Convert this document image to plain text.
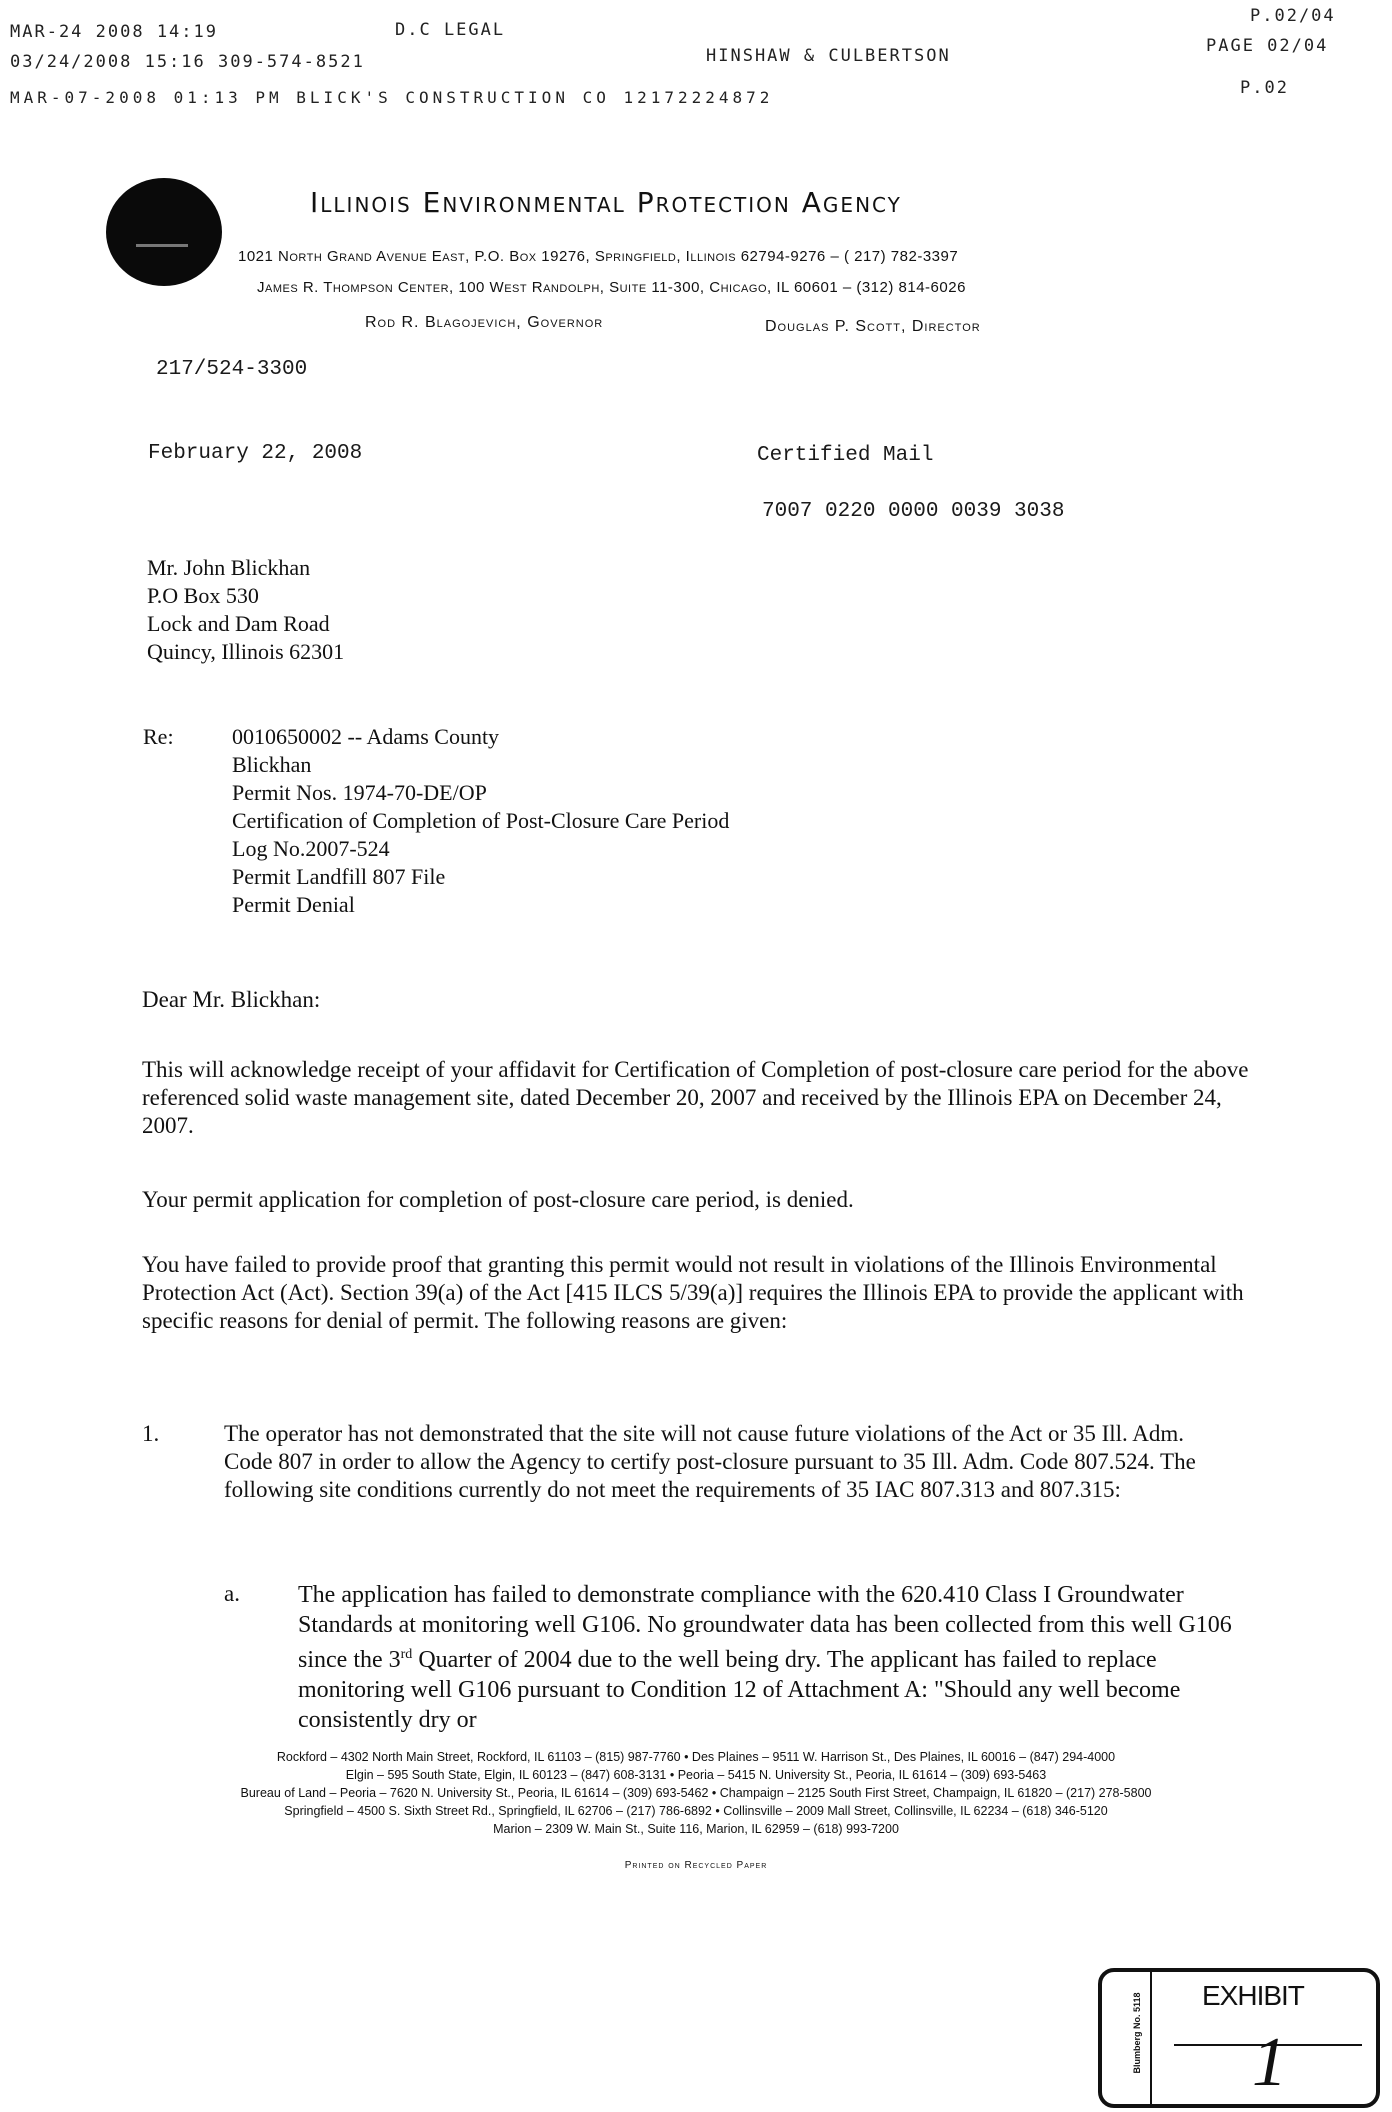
MAR-24 2008 14:19	D.C LEGAL
P.02/04
03/24/2008 15:16 309-574-8521	HINSHAW & CULBERTSON	PAGE 02/04
MAR-07-2008 01:13 PM BLICK'S CONSTRUCTION CO 12172224872	P.02
Illinois Environmental Protection Agency
1021 North Grand Avenue East, P.O. Box 19276, Springfield, Illinois 62794-9276 – ( 217) 782-3397
James R. Thompson Center, 100 West Randolph, Suite 11-300, Chicago, IL 60601 – (312) 814-6026
Rod R. Blagojevich, Governor	Douglas P. Scott, Director
217/524-3300
February 22, 2008	Certified Mail
7007 0220 0000 0039 3038
Mr. John Blickhan
P.O Box 530
Lock and Dam Road
Quincy, Illinois 62301
Re:	0010650002 -- Adams County
Blickhan
Permit Nos. 1974-70-DE/OP
Certification of Completion of Post-Closure Care Period
Log No.2007-524
Permit Landfill 807 File
Permit Denial
Dear Mr. Blickhan:
This will acknowledge receipt of your affidavit for Certification of Completion of post-closure care period for the above referenced solid waste management site, dated December 20, 2007 and received by the Illinois EPA on December 24, 2007.
Your permit application for completion of post-closure care period, is denied.
You have failed to provide proof that granting this permit would not result in violations of the Illinois Environmental Protection Act (Act). Section 39(a) of the Act [415 ILCS 5/39(a)] requires the Illinois EPA to provide the applicant with specific reasons for denial of permit. The following reasons are given:
1.	The operator has not demonstrated that the site will not cause future violations of the Act or 35 Ill. Adm. Code 807 in order to allow the Agency to certify post-closure pursuant to 35 Ill. Adm. Code 807.524. The following site conditions currently do not meet the requirements of 35 IAC 807.313 and 807.315:
a. The application has failed to demonstrate compliance with the 620.410 Class I Groundwater Standards at monitoring well G106. No groundwater data has been collected from this well G106 since the 3rd Quarter of 2004 due to the well being dry. The applicant has failed to replace monitoring well G106 pursuant to Condition 12 of Attachment A: "Should any well become consistently dry or
Rockford – 4302 North Main Street, Rockford, IL 61103 – (815) 987-7760 • Des Plaines – 9511 W. Harrison St., Des Plaines, IL 60016 – (847) 294-4000
Elgin – 595 South State, Elgin, IL 60123 – (847) 608-3131 • Peoria – 5415 N. University St., Peoria, IL 61614 – (309) 693-5463
Bureau of Land – Peoria – 7620 N. University St., Peoria, IL 61614 – (309) 693-5462 • Champaign – 2125 South First Street, Champaign, IL 61820 – (217) 278-5800
Springfield – 4500 S. Sixth Street Rd., Springfield, IL 62706 – (217) 786-6892 • Collinsville – 2009 Mall Street, Collinsville, IL 62234 – (618) 346-5120
Marion – 2309 W. Main St., Suite 116, Marion, IL 62959 – (618) 993-7200
Printed on Recycled Paper
Blumberg No. 5118 EXHIBIT
1
